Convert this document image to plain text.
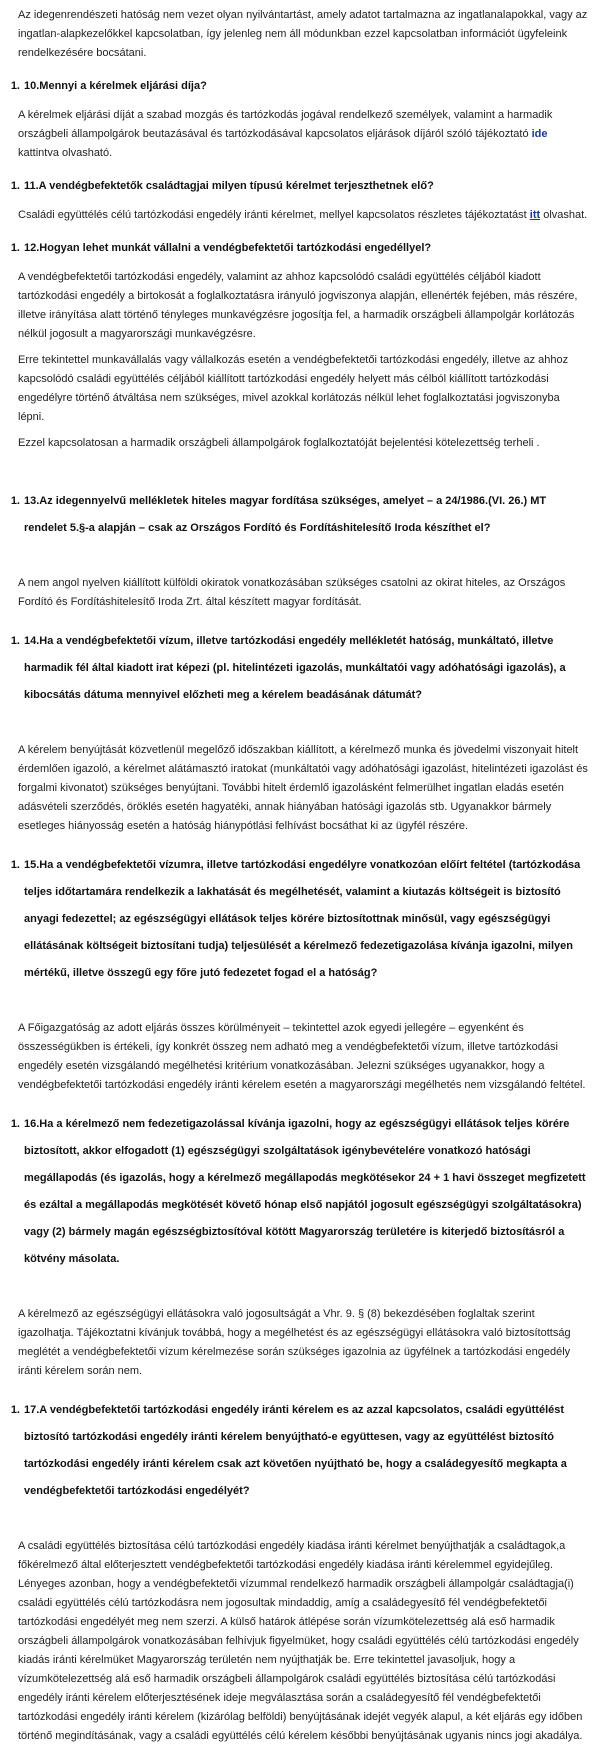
Az idegenrendészeti hatóság nem vezet olyan nyilvántartást, amely adatot tartalmazna az ingatlanalapokkal, vagy az ingatlan-alapkezelőkkel kapcsolatban, így jelenleg nem áll módunkban ezzel kapcsolatban információt ügyfeleink rendelkezésére bocsátani.

1. 10.Mennyi a kérelmek eljárási díja?

A kérelmek eljárási díját a szabad mozgás és tartózkodás jogával rendelkező személyek, valamint a harmadik országbeli állampolgárok beutazásával és tartózkodásával kapcsolatos eljárások díjáról szóló tájékoztató ide kattintva olvasható.

1. 11.A vendégbefektetők családtagjai milyen típusú kérelmet terjeszthetnek elő?

Családi együttélés célú tartózkodási engedély iránti kérelmet, mellyel kapcsolatos részletes tájékoztatást itt olvashat.

1. 12.Hogyan lehet munkát vállalni a vendégbefektetői tartózkodási engedéllyel?

A vendégbefektetői tartózkodási engedély, valamint az ahhoz kapcsolódó családi együttélés céljából kiadott tartózkodási engedély a birtokosát a foglalkoztatásra irányuló jogviszonya alapján, ellenérték fejében, más részére, illetve irányítása alatt történő tényleges munkavégzésre jogosítja fel, a harmadik országbeli állampolgár korlátozás nélkül jogosult a magyarországi munkavégzésre.

Erre tekintettel munkavállalás vagy vállalkozás esetén a vendégbefektetői tartózkodási engedély, illetve az ahhoz kapcsolódó családi együttélés céljából kiállított tartózkodási engedély helyett más célból kiállított tartózkodási engedélyre történő átváltása nem szükséges, mivel azokkal korlátozás nélkül lehet foglalkoztatási jogviszonyba lépni.

Ezzel kapcsolatosan a harmadik országbeli állampolgárok foglalkoztatóját bejelentési kötelezettség terheli .

1. 13.Az idegennyelvű mellékletek hiteles magyar fordítása szükséges, amelyet – a 24/1986.(VI. 26.) MT rendelet 5.§-a alapján – csak az Országos Fordító és Fordításhitelesítő Iroda készíthet el?

A nem angol nyelven kiállított külföldi okiratok vonatkozásában szükséges csatolni az okirat hiteles, az Országos Fordító és Fordításhitelesítő Iroda Zrt. által készített magyar fordítását.

1. 14.Ha a vendégbefektetői vízum, illetve tartózkodási engedély mellékletét hatóság, munkáltató, illetve harmadik fél által kiadott irat képezi (pl. hitelintézeti igazolás, munkáltatói vagy adóhatósági igazolás), a kibocsátás dátuma mennyivel előzheti meg a kérelem beadásának dátumát?

A kérelem benyújtását közvetlenül megelőző időszakban kiállított, a kérelmező munka és jövedelmi viszonyait hitelt érdemlően igazoló, a kérelmet alátámasztó iratokat (munkáltatói vagy adóhatósági igazolást, hitelintézeti igazolást és forgalmi kivonatot) szükséges benyújtani. További hitelt érdemlő igazolásként felmerülhet ingatlan eladás esetén adásvételi szerződés, öröklés esetén hagyatéki, annak hiányában hatósági igazolás stb. Ugyanakkor bármely esetleges hiányosság esetén a hatóság hiánypótlási felhívást bocsáthat ki az ügyfél részére.

1. 15.Ha a vendégbefektetői vízumra, illetve tartózkodási engedélyre vonatkozóan előírt feltétel (tartózkodása teljes időtartamára rendelkezik a lakhatását és megélhetését, valamint a kiutazás költségeit is biztosító anyagi fedezettel; az egészségügyi ellátások teljes körére biztosítottnak minősül, vagy egészségügyi ellátásának költségeit biztosítani tudja) teljesülését a kérelmező fedezetigazolása kívánja igazolni, milyen mértékű, illetve összegű egy főre jutó fedezetet fogad el a hatóság?

A Főigazgatóság az adott eljárás összes körülményeit – tekintettel azok egyedi jellegére – egyenként és összességükben is értékeli, így konkrét összeg nem adható meg a vendégbefektetői vízum, illetve tartózkodási engedély esetén vizsgálandó megélhetési kritérium vonatkozásában. Jelezni szükséges ugyanakkor, hogy a vendégbefektetői tartózkodási engedély iránti kérelem esetén a magyarországi megélhetés nem vizsgálandó feltétel.

1. 16.Ha a kérelmező nem fedezetigazolással kívánja igazolni, hogy az egészségügyi ellátások teljes körére biztosított, akkor elfogadott (1) egészségügyi szolgáltatások igénybevételére vonatkozó hatósági megállapodás (és igazolás, hogy a kérelmező megállapodás megkötésekor 24 + 1 havi összeget megfizetett és ezáltal a megállapodás megkötését követő hónap első napjától jogosult egészségügyi szolgáltatásokra) vagy (2) bármely magán egészségbiztosítóval kötött Magyarország területére is kiterjedő biztosításról a kötvény másolata.

A kérelmező az egészségügyi ellátásokra való jogosultságát a Vhr. 9. § (8) bekezdésében foglaltak szerint igazolhatja. Tájékoztatni kívánjuk továbbá, hogy a megélhetést és az egészségügyi ellátásokra való biztosítottság meglétét a vendégbefektetői vízum kérelmezése során szükséges igazolnia az ügyfélnek a tartózkodási engedély iránti kérelem során nem.

1. 17.A vendégbefektetői tartózkodási engedély iránti kérelem es az azzal kapcsolatos, családi együttélést biztosító tartózkodási engedély iránti kérelem benyújtható-e együttesen, vagy az együttélést biztosító tartózkodási engedély iránti kérelem csak azt követően nyújtható be, hogy a családegyesítő megkapta a vendégbefektetői tartózkodási engedélyét?

A családi együttélés biztosítása célú tartózkodási engedély kiadása iránti kérelmet benyújthatják a családtagok,a főkérelmező által előterjesztett vendégbefektetői tartózkodási engedély kiadása iránti kérelemmel egyidejűleg. Lényeges azonban, hogy a vendégbefektetői vízummal rendelkező harmadik országbeli állampolgár családtagja(i) családi együttélés célú tartózkodásra nem jogosultak mindaddig, amíg a családegyesítő fél vendégbefektetői tartózkodási engedélyét meg nem szerzi. A külső határok átlépése során vízumkötelezettség alá eső harmadik országbeli állampolgárok vonatkozásában felhívjuk figyelmüket, hogy családi együttélés célú tartózkodási engedély kiadás iránti kérelmüket Magyarország területén nem nyújthatják be. Erre tekintettel javasoljuk, hogy a vízumkötelezettség alá eső harmadik országbeli állampolgárok családi együttélés biztosítása célú tartózkodási engedély iránti kérelem előterjesztésének ideje megválasztása során a családegyesítő fél vendégbefektetői tartózkodási engedély iránti kérelem (kizárólag belföldi) benyújtásának idejét vegyék alapul, a két eljárás egy időben történő megindításának, vagy a családi együttélés célú kérelem későbbi benyújtásának ugyanis nincs jogi akadálya.
